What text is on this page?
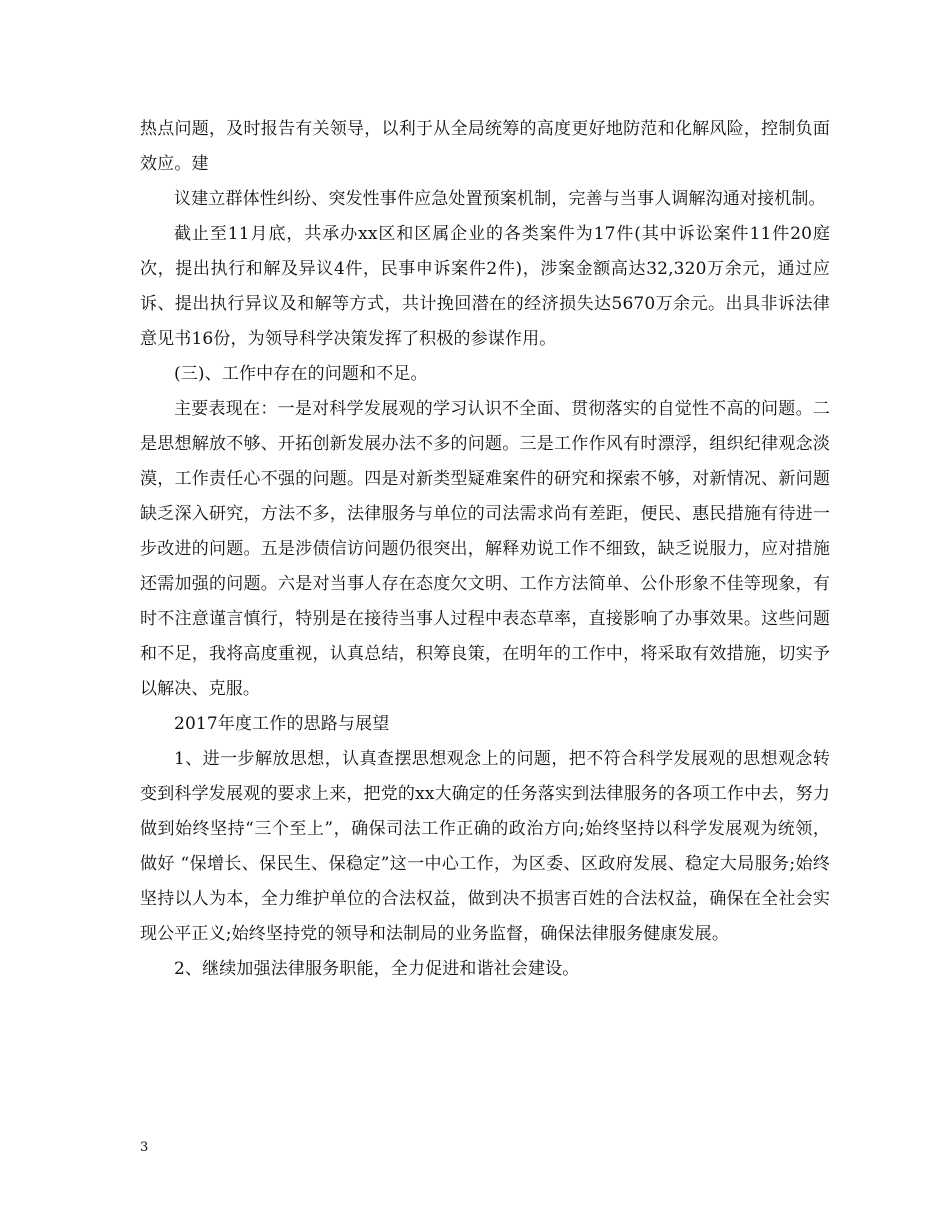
热点问题，及时报告有关领导，以利于从全局统筹的高度更好地防范和化解风险，控制负面效应。建

议建立群体性纠纷、突发性事件应急处置预案机制，完善与当事人调解沟通对接机制。

截止至11月底，共承办xx区和区属企业的各类案件为17件(其中诉讼案件11件20庭次，提出执行和解及异议4件，民事申诉案件2件)，涉案金额高达32,320万余元，通过应诉、提出执行异议及和解等方式，共计挽回潜在的经济损失达5670万余元。出具非诉法律意见书16份，为领导科学决策发挥了积极的参谋作用。

(三)、工作中存在的问题和不足。

主要表现在：一是对科学发展观的学习认识不全面、贯彻落实的自觉性不高的问题。二是思想解放不够、开拓创新发展办法不多的问题。三是工作作风有时漂浮，组织纪律观念淡漠，工作责任心不强的问题。四是对新类型疑难案件的研究和探索不够，对新情况、新问题缺乏深入研究，方法不多，法律服务与单位的司法需求尚有差距，便民、惠民措施有待进一步改进的问题。五是涉债信访问题仍很突出，解释劝说工作不细致，缺乏说服力，应对措施还需加强的问题。六是对当事人存在态度欠文明、工作方法简单、公仆形象不佳等现象，有时不注意谨言慎行，特别是在接待当事人过程中表态草率，直接影响了办事效果。这些问题和不足，我将高度重视，认真总结，积筹良策，在明年的工作中，将采取有效措施，切实予以解决、克服。

2017年度工作的思路与展望

1、进一步解放思想，认真查摆思想观念上的问题，把不符合科学发展观的思想观念转变到科学发展观的要求上来，把党的xx大确定的任务落实到法律服务的各项工作中去，努力做到始终坚持“三个至上”，确保司法工作正确的政治方向;始终坚持以科学发展观为统领，做好 “保增长、保民生、保稳定”这一中心工作，为区委、区政府发展、稳定大局服务;始终坚持以人为本，全力维护单位的合法权益，做到决不损害百姓的合法权益，确保在全社会实现公平正义;始终坚持党的领导和法制局的业务监督，确保法律服务健康发展。

2、继续加强法律服务职能，全力促进和谐社会建设。

3
